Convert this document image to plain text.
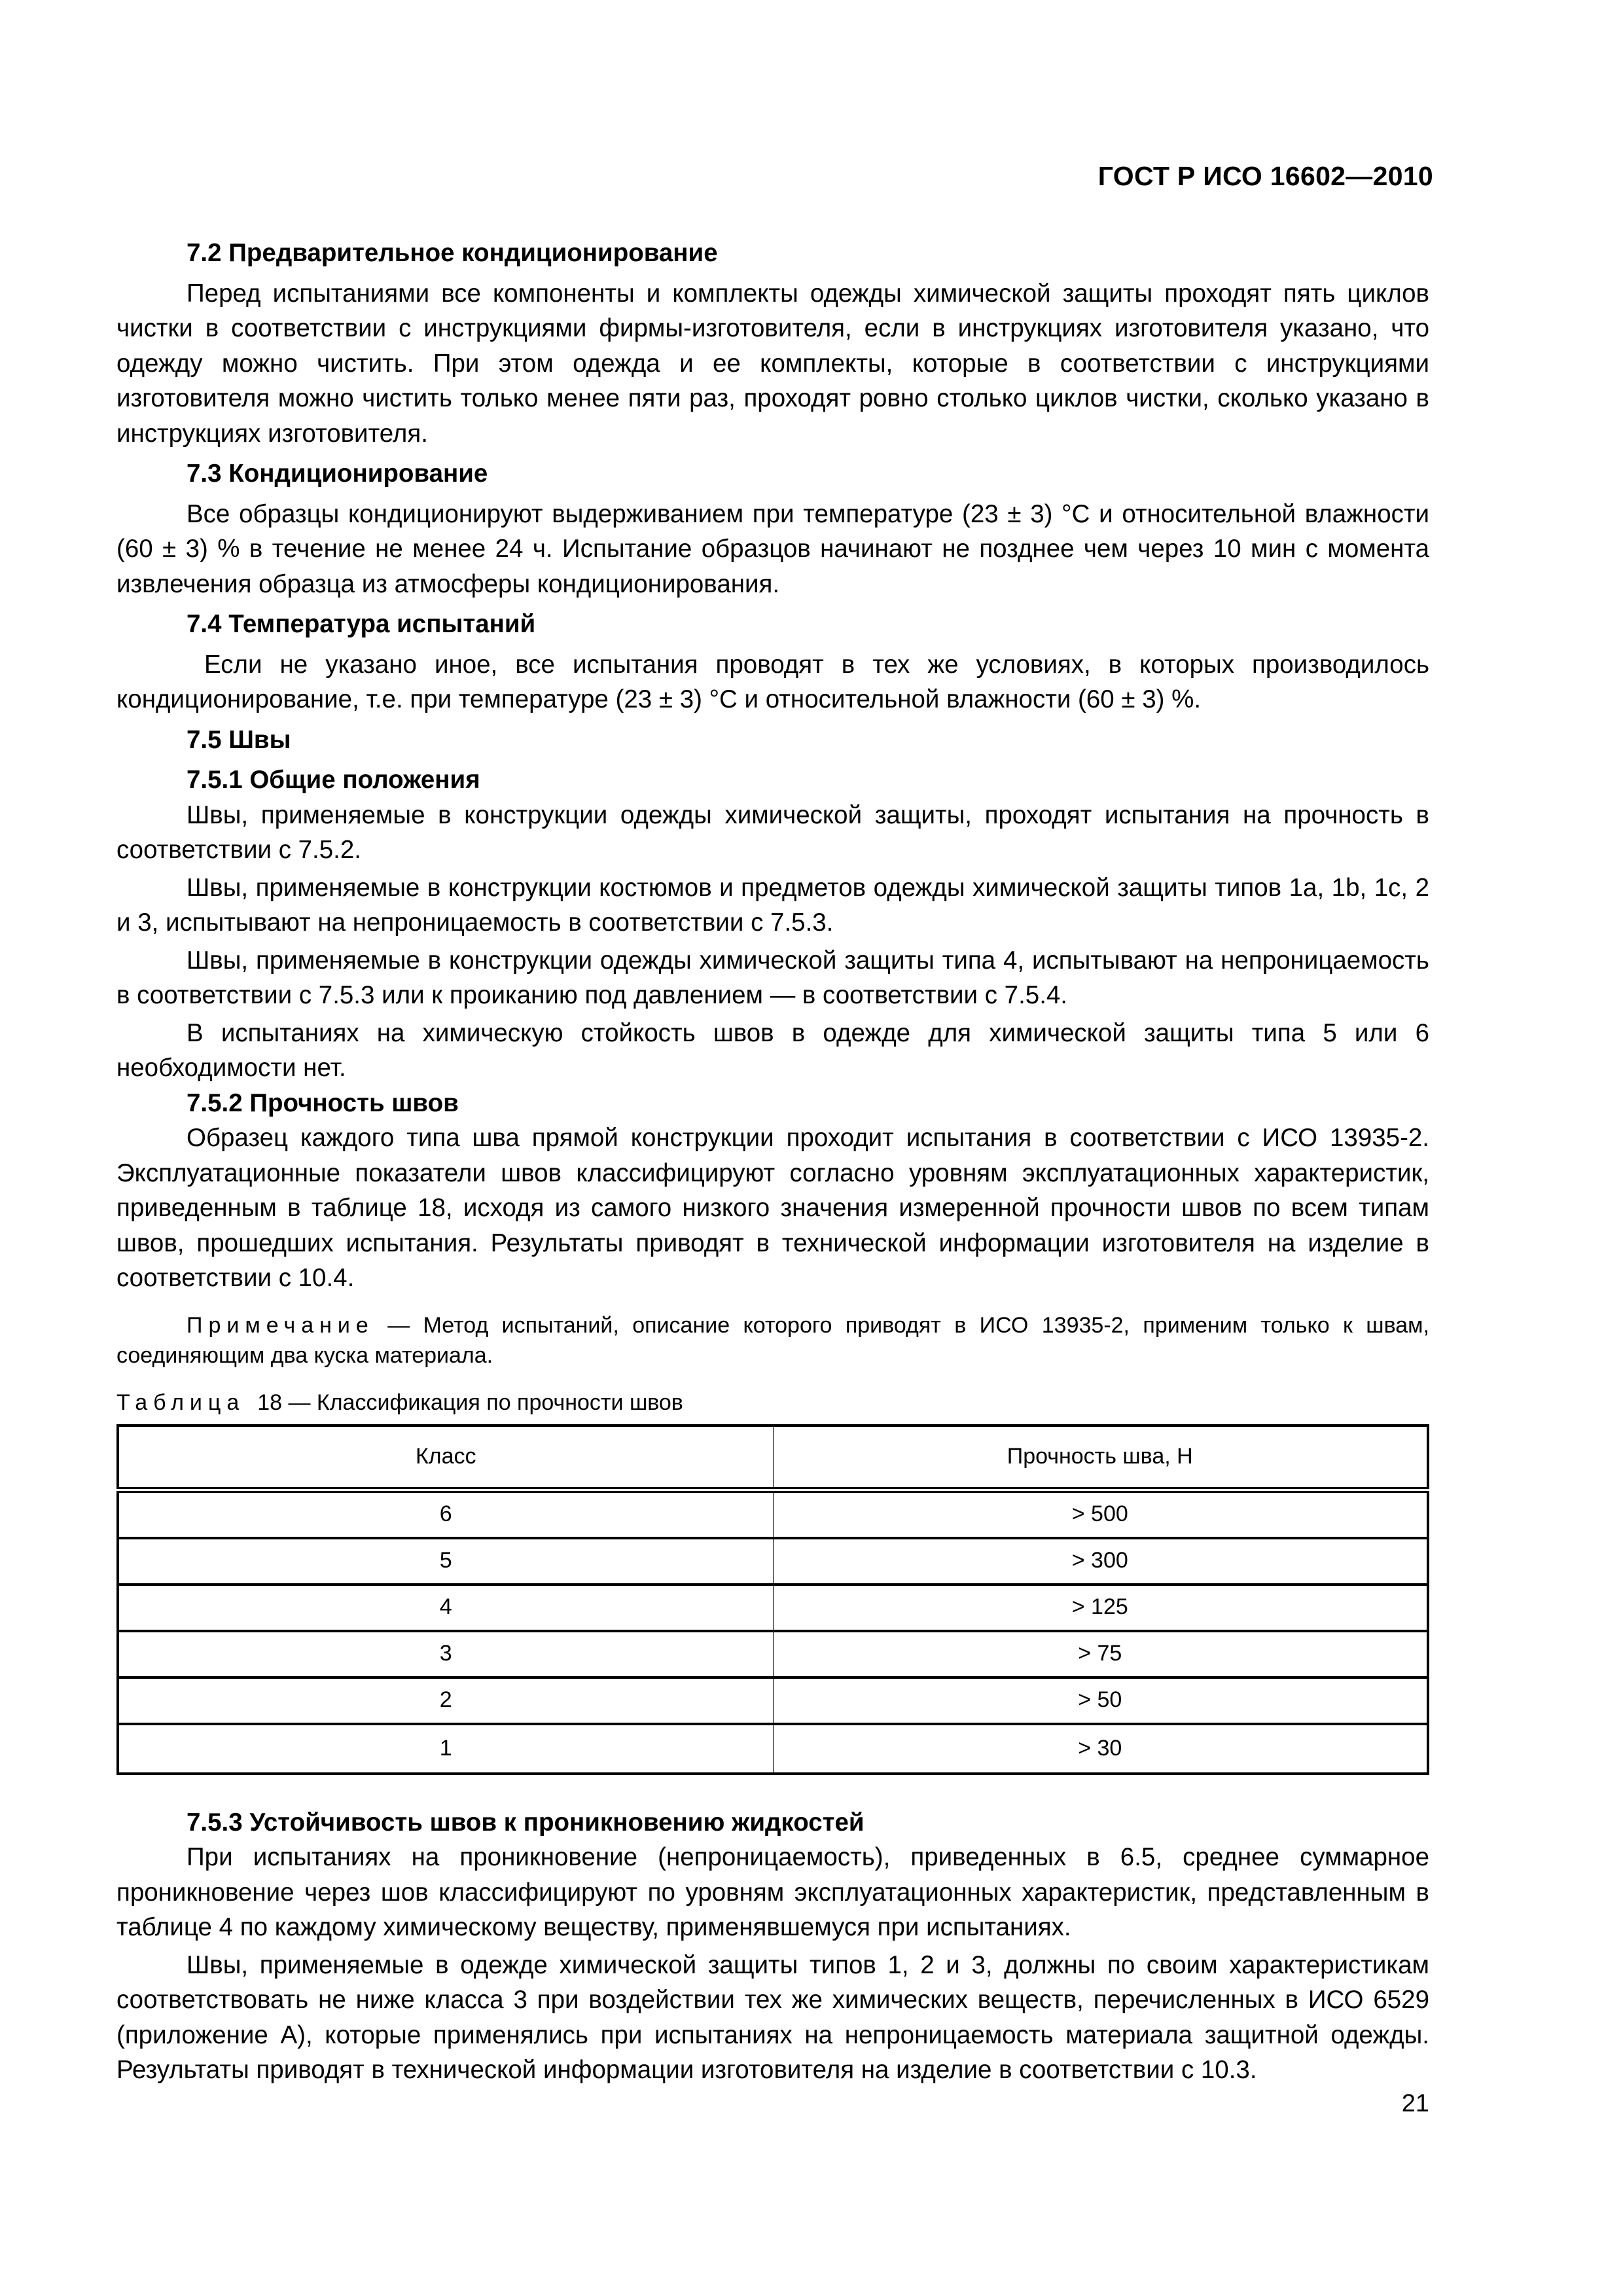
ГОСТ Р ИСО 16602—2010

7.2 Предварительное кондиционирование

Перед испытаниями все компоненты и комплекты одежды химической защиты проходят пять циклов чистки в соответствии с инструкциями фирмы-изготовителя, если в инструкциях изготовителя указано, что одежду можно чистить. При этом одежда и ее комплекты, которые в соответствии с инструкциями изготовителя можно чистить только менее пяти раз, проходят ровно столько циклов чистки, сколько указано в инструкциях изготовителя.

7.3 Кондиционирование

Все образцы кондиционируют выдерживанием при температуре (23 ± 3) °С и относительной влажности (60 ± 3) % в течение не менее 24 ч. Испытание образцов начинают не позднее чем через 10 мин с момента извлечения образца из атмосферы кондиционирования.

7.4 Температура испытаний

Если не указано иное, все испытания проводят в тех же условиях, в которых производилось кондиционирование, т.е. при температуре (23 ± 3) °С и относительной влажности (60 ± 3) %.

7.5 Швы

7.5.1 Общие положения

Швы, применяемые в конструкции одежды химической защиты, проходят испытания на прочность в соответствии с 7.5.2.

Швы, применяемые в конструкции костюмов и предметов одежды химической защиты типов 1а, 1b, 1с, 2 и 3, испытывают на непроницаемость в соответствии с 7.5.3.

Швы, применяемые в конструкции одежды химической защиты типа 4, испытывают на непроницаемость в соответствии с 7.5.3 или к проиканию под давлением — в соответствии с 7.5.4.

В испытаниях на химическую стойкость швов в одежде для химической защиты типа 5 или 6 необходимости нет.

7.5.2 Прочность швов

Образец каждого типа шва прямой конструкции проходит испытания в соответствии с ИСО 13935-2. Эксплуатационные показатели швов классифицируют согласно уровням эксплуатационных характеристик, приведенным в таблице 18, исходя из самого низкого значения измеренной прочности швов по всем типам швов, прошедших испытания. Результаты приводят в технической информации изготовителя на изделие в соответствии с 10.4.

Примечание — Метод испытаний, описание которого приводят в ИСО 13935-2, применим только к швам, соединяющим два куска материала.

Таблица  18 — Классификация по прочности швов

Класс	Прочность шва, Н
6	> 500
5	> 300
4	> 125
3	> 75
2	> 50
1	> 30

7.5.3 Устойчивость швов к проникновению жидкостей

При испытаниях на проникновение (непроницаемость), приведенных в 6.5, среднее суммарное проникновение через шов классифицируют по уровням эксплуатационных характеристик, представленным в таблице 4 по каждому химическому веществу, применявшемуся при испытаниях.

Швы, применяемые в одежде химической защиты типов 1, 2 и 3, должны по своим характеристикам соответствовать не ниже класса 3 при воздействии тех же химических веществ, перечисленных в ИСО 6529 (приложение А), которые применялись при испытаниях на непроницаемость материала защитной одежды. Результаты приводят в технической информации изготовителя на изделие в соответствии с 10.3.

21
